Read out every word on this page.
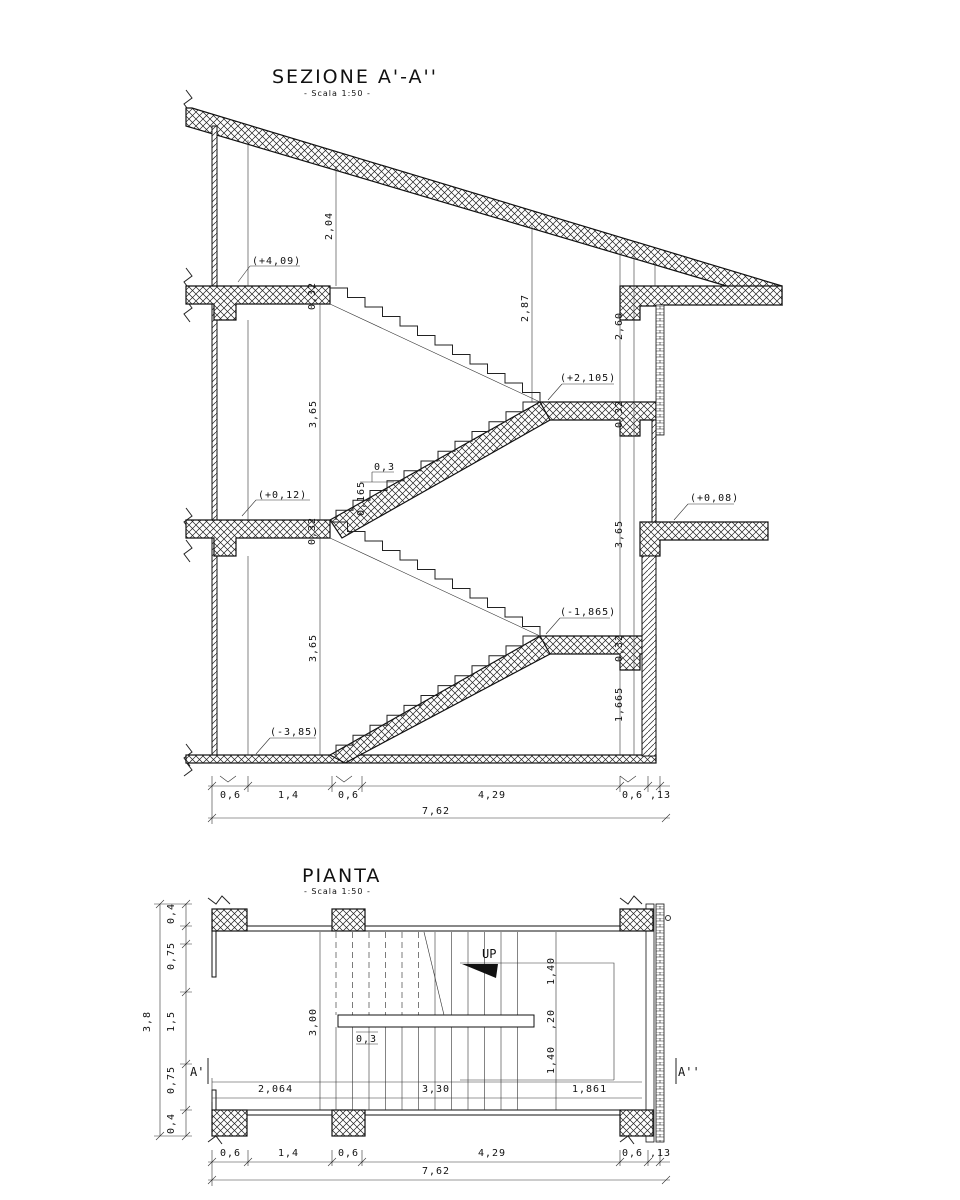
SEZIONE A'-A''
- Scala 1:50 -
(+4,09)
(+0,12)
(+2,105)
(-1,865)
(+0,08)
(-3,85)
0,3
2,04
2,87
2,60
0,32
0,32
0,32
0,32
3,65
3,65
3,65
1,665
0,165
0,6	1,4	0,6	4,29	0,6 ,13
7,62
PIANTA
- Scala 1:50 -
UP
A'	A''
2,064	3,30	1,861
3,00
1,40
,20
1,40
0,3
0,4
0,75
1,5
0,75
0,4
3,8
0,6	1,4	0,6	4,29	0,6 ,13
7,62
